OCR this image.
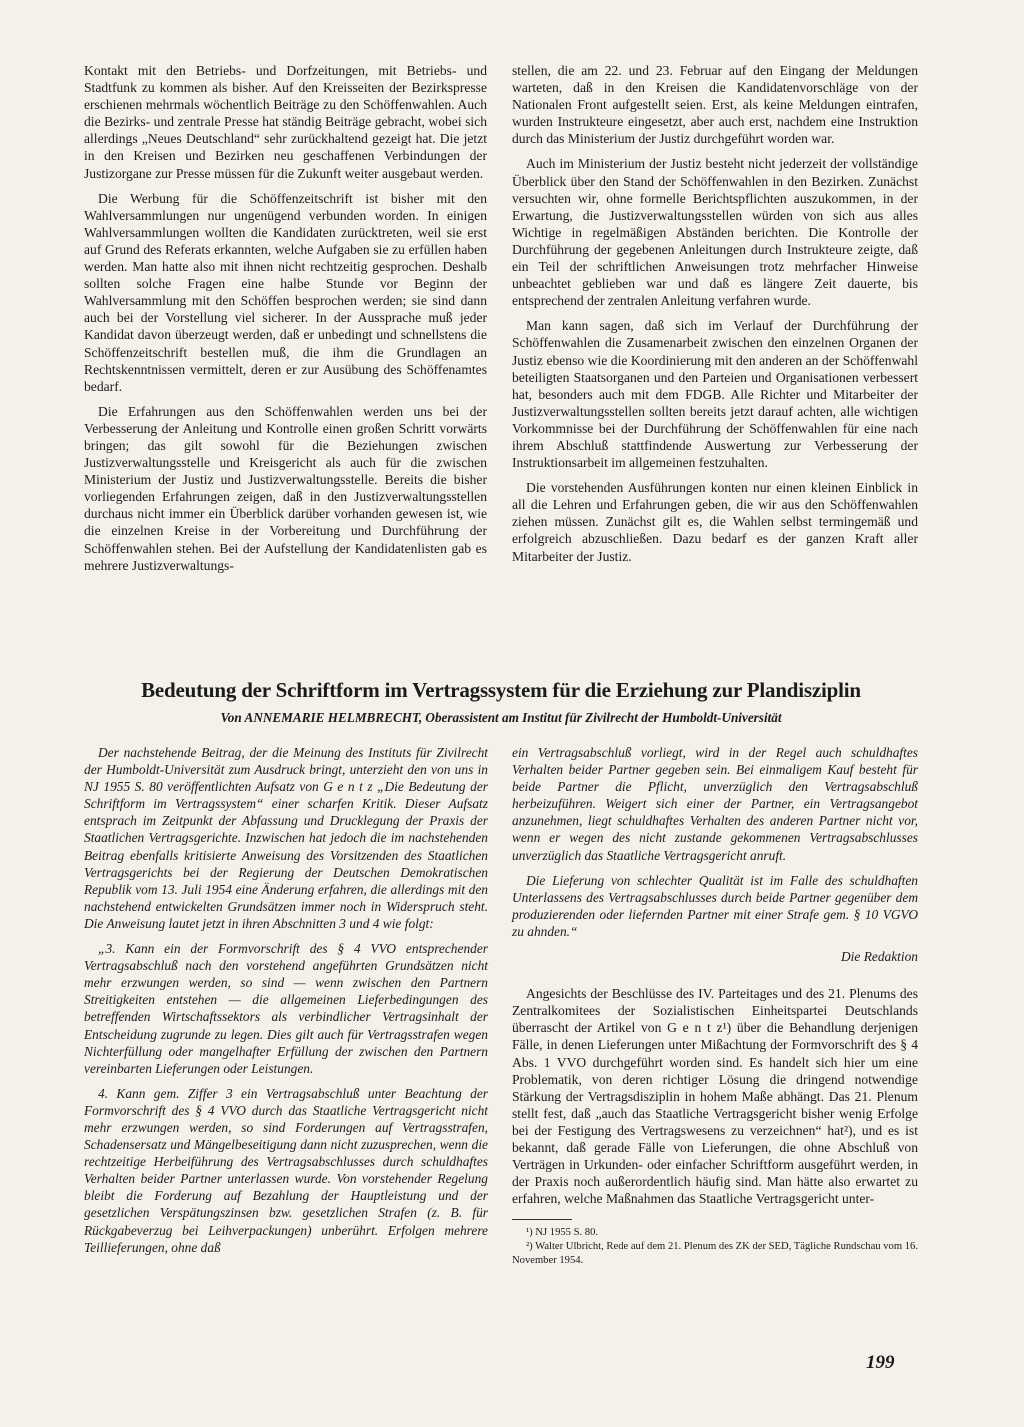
Kontakt mit den Betriebs- und Dorfzeitungen, mit Betriebs- und Stadtfunk zu kommen als bisher. Auf den Kreisseiten der Bezirkspresse erschienen mehrmals wöchentlich Beiträge zu den Schöffenwahlen. Auch die Bezirks- und zentrale Presse hat ständig Beiträge gebracht, wobei sich allerdings „Neues Deutschland“ sehr zurückhaltend gezeigt hat. Die jetzt in den Kreisen und Bezirken neu geschaffenen Verbindungen der Justizorgane zur Presse müssen für die Zukunft weiter ausgebaut werden.

Die Werbung für die Schöffenzeitschrift ist bisher mit den Wahlversammlungen nur ungenügend verbunden worden. In einigen Wahlversammlungen wollten die Kandidaten zurücktreten, weil sie erst auf Grund des Referats erkannten, welche Aufgaben sie zu erfüllen haben werden. Man hatte also mit ihnen nicht rechtzeitig gesprochen. Deshalb sollten solche Fragen eine halbe Stunde vor Beginn der Wahlversammlung mit den Schöffen besprochen werden; sie sind dann auch bei der Vorstellung viel sicherer. In der Aussprache muß jeder Kandidat davon überzeugt werden, daß er unbedingt und schnellstens die Schöffenzeitschrift bestellen muß, die ihm die Grundlagen an Rechtskenntnissen vermittelt, deren er zur Ausübung des Schöffenamtes bedarf.

Die Erfahrungen aus den Schöffenwahlen werden uns bei der Verbesserung der Anleitung und Kontrolle einen großen Schritt vorwärts bringen; das gilt sowohl für die Beziehungen zwischen Justizverwaltungsstelle und Kreisgericht als auch für die zwischen Ministerium der Justiz und Justizverwaltungsstelle. Bereits die bisher vorliegenden Erfahrungen zeigen, daß in den Justizverwaltungsstellen durchaus nicht immer ein Überblick darüber vorhanden gewesen ist, wie die einzelnen Kreise in der Vorbereitung und Durchführung der Schöffenwahlen stehen. Bei der Aufstellung der Kandidatenlisten gab es mehrere Justizverwaltungs-

stellen, die am 22. und 23. Februar auf den Eingang der Meldungen warteten, daß in den Kreisen die Kandidatenvorschläge von der Nationalen Front aufgestellt seien. Erst, als keine Meldungen eintrafen, wurden Instrukteure eingesetzt, aber auch erst, nachdem eine Instruktion durch das Ministerium der Justiz durchgeführt worden war.

Auch im Ministerium der Justiz besteht nicht jederzeit der vollständige Überblick über den Stand der Schöffenwahlen in den Bezirken. Zunächst versuchten wir, ohne formelle Berichtspflichten auszukommen, in der Erwartung, die Justizverwaltungsstellen würden von sich aus alles Wichtige in regelmäßigen Abständen berichten. Die Kontrolle der Durchführung der gegebenen Anleitungen durch Instrukteure zeigte, daß ein Teil der schriftlichen Anweisungen trotz mehrfacher Hinweise unbeachtet geblieben war und daß es längere Zeit dauerte, bis entsprechend der zentralen Anleitung verfahren wurde.

Man kann sagen, daß sich im Verlauf der Durchführung der Schöffenwahlen die Zusamenarbeit zwischen den einzelnen Organen der Justiz ebenso wie die Koordinierung mit den anderen an der Schöffenwahl beteiligten Staatsorganen und den Parteien und Organisationen verbessert hat, besonders auch mit dem FDGB. Alle Richter und Mitarbeiter der Justizverwaltungsstellen sollten bereits jetzt darauf achten, alle wichtigen Vorkommnisse bei der Durchführung der Schöffenwahlen für eine nach ihrem Abschluß stattfindende Auswertung zur Verbesserung der Instruktionsarbeit im allgemeinen festzuhalten.

Die vorstehenden Ausführungen konten nur einen kleinen Einblick in all die Lehren und Erfahrungen geben, die wir aus den Schöffenwahlen ziehen müssen. Zunächst gilt es, die Wahlen selbst termingemäß und erfolgreich abzuschließen. Dazu bedarf es der ganzen Kraft aller Mitarbeiter der Justiz.

Bedeutung der Schriftform im Vertragssystem für die Erziehung zur Plandisziplin

Von ANNEMARIE HELMBRECHT, Oberassistent am Institut für Zivilrecht der Humboldt-Universität

Der nachstehende Beitrag, der die Meinung des Instituts für Zivilrecht der Humboldt-Universität zum Ausdruck bringt, unterzieht den von uns in NJ 1955 S. 80 veröffentlichten Aufsatz von G e n t z „Die Bedeutung der Schriftform im Vertragssystem“ einer scharfen Kritik. Dieser Aufsatz entsprach im Zeitpunkt der Abfassung und Drucklegung der Praxis der Staatlichen Vertragsgerichte. Inzwischen hat jedoch die im nachstehenden Beitrag ebenfalls kritisierte Anweisung des Vorsitzenden des Staatlichen Vertragsgerichts bei der Regierung der Deutschen Demokratischen Republik vom 13. Juli 1954 eine Änderung erfahren, die allerdings mit den nachstehend entwickelten Grundsätzen immer noch in Widerspruch steht. Die Anweisung lautet jetzt in ihren Abschnitten 3 und 4 wie folgt:

„3. Kann ein der Formvorschrift des § 4 VVO entsprechender Vertragsabschluß nach den vorstehend angeführten Grundsätzen nicht mehr erzwungen werden, so sind — wenn zwischen den Partnern Streitigkeiten entstehen — die allgemeinen Lieferbedingungen des betreffenden Wirtschaftssektors als verbindlicher Vertragsinhalt der Entscheidung zugrunde zu legen. Dies gilt auch für Vertragsstrafen wegen Nichterfüllung oder mangelhafter Erfüllung der zwischen den Partnern vereinbarten Lieferungen oder Leistungen.

4. Kann gem. Ziffer 3 ein Vertragsabschluß unter Beachtung der Formvorschrift des § 4 VVO durch das Staatliche Vertragsgericht nicht mehr erzwungen werden, so sind Forderungen auf Vertragsstrafen, Schadensersatz und Mängelbeseitigung dann nicht zuzusprechen, wenn die rechtzeitige Herbeiführung des Vertragsabschlusses durch schuldhaftes Verhalten beider Partner unterlassen wurde. Von vorstehender Regelung bleibt die Forderung auf Bezahlung der Hauptleistung und der gesetzlichen Verspätungszinsen bzw. gesetzlichen Strafen (z. B. für Rückgabeverzug bei Leihverpackungen) unberührt. Erfolgen mehrere Teillieferungen, ohne daß

ein Vertragsabschluß vorliegt, wird in der Regel auch schuldhaftes Verhalten beider Partner gegeben sein. Bei einmaligem Kauf besteht für beide Partner die Pflicht, unverzüglich den Vertragsabschluß herbeizuführen. Weigert sich einer der Partner, ein Vertragsangebot anzunehmen, liegt schuldhaftes Verhalten des anderen Partner nicht vor, wenn er wegen des nicht zustande gekommenen Vertragsabschlusses unverzüglich das Staatliche Vertragsgericht anruft.

Die Lieferung von schlechter Qualität ist im Falle des schuldhaften Unterlassens des Vertragsabschlusses durch beide Partner gegenüber dem produzierenden oder liefernden Partner mit einer Strafe gem. § 10 VGVO zu ahnden.“

Die Redaktion

Angesichts der Beschlüsse des IV. Parteitages und des 21. Plenums des Zentralkomitees der Sozialistischen Einheitspartei Deutschlands überrascht der Artikel von G e n t z¹) über die Behandlung derjenigen Fälle, in denen Lieferungen unter Mißachtung der Formvorschrift des § 4 Abs. 1 VVO durchgeführt worden sind. Es handelt sich hier um eine Problematik, von deren richtiger Lösung die dringend notwendige Stärkung der Vertragsdisziplin in hohem Maße abhängt. Das 21. Plenum stellt fest, daß „auch das Staatliche Vertragsgericht bisher wenig Erfolge bei der Festigung des Vertragswesens zu verzeichnen“ hat²), und es ist bekannt, daß gerade Fälle von Lieferungen, die ohne Abschluß von Verträgen in Urkunden- oder einfacher Schriftform ausgeführt werden, in der Praxis noch außerordentlich häufig sind. Man hätte also erwartet zu erfahren, welche Maßnahmen das Staatliche Vertragsgericht unter-

¹) NJ 1955 S. 80.

²) Walter Ulbricht, Rede auf dem 21. Plenum des ZK der SED, Tägliche Rundschau vom 16. November 1954.

199
